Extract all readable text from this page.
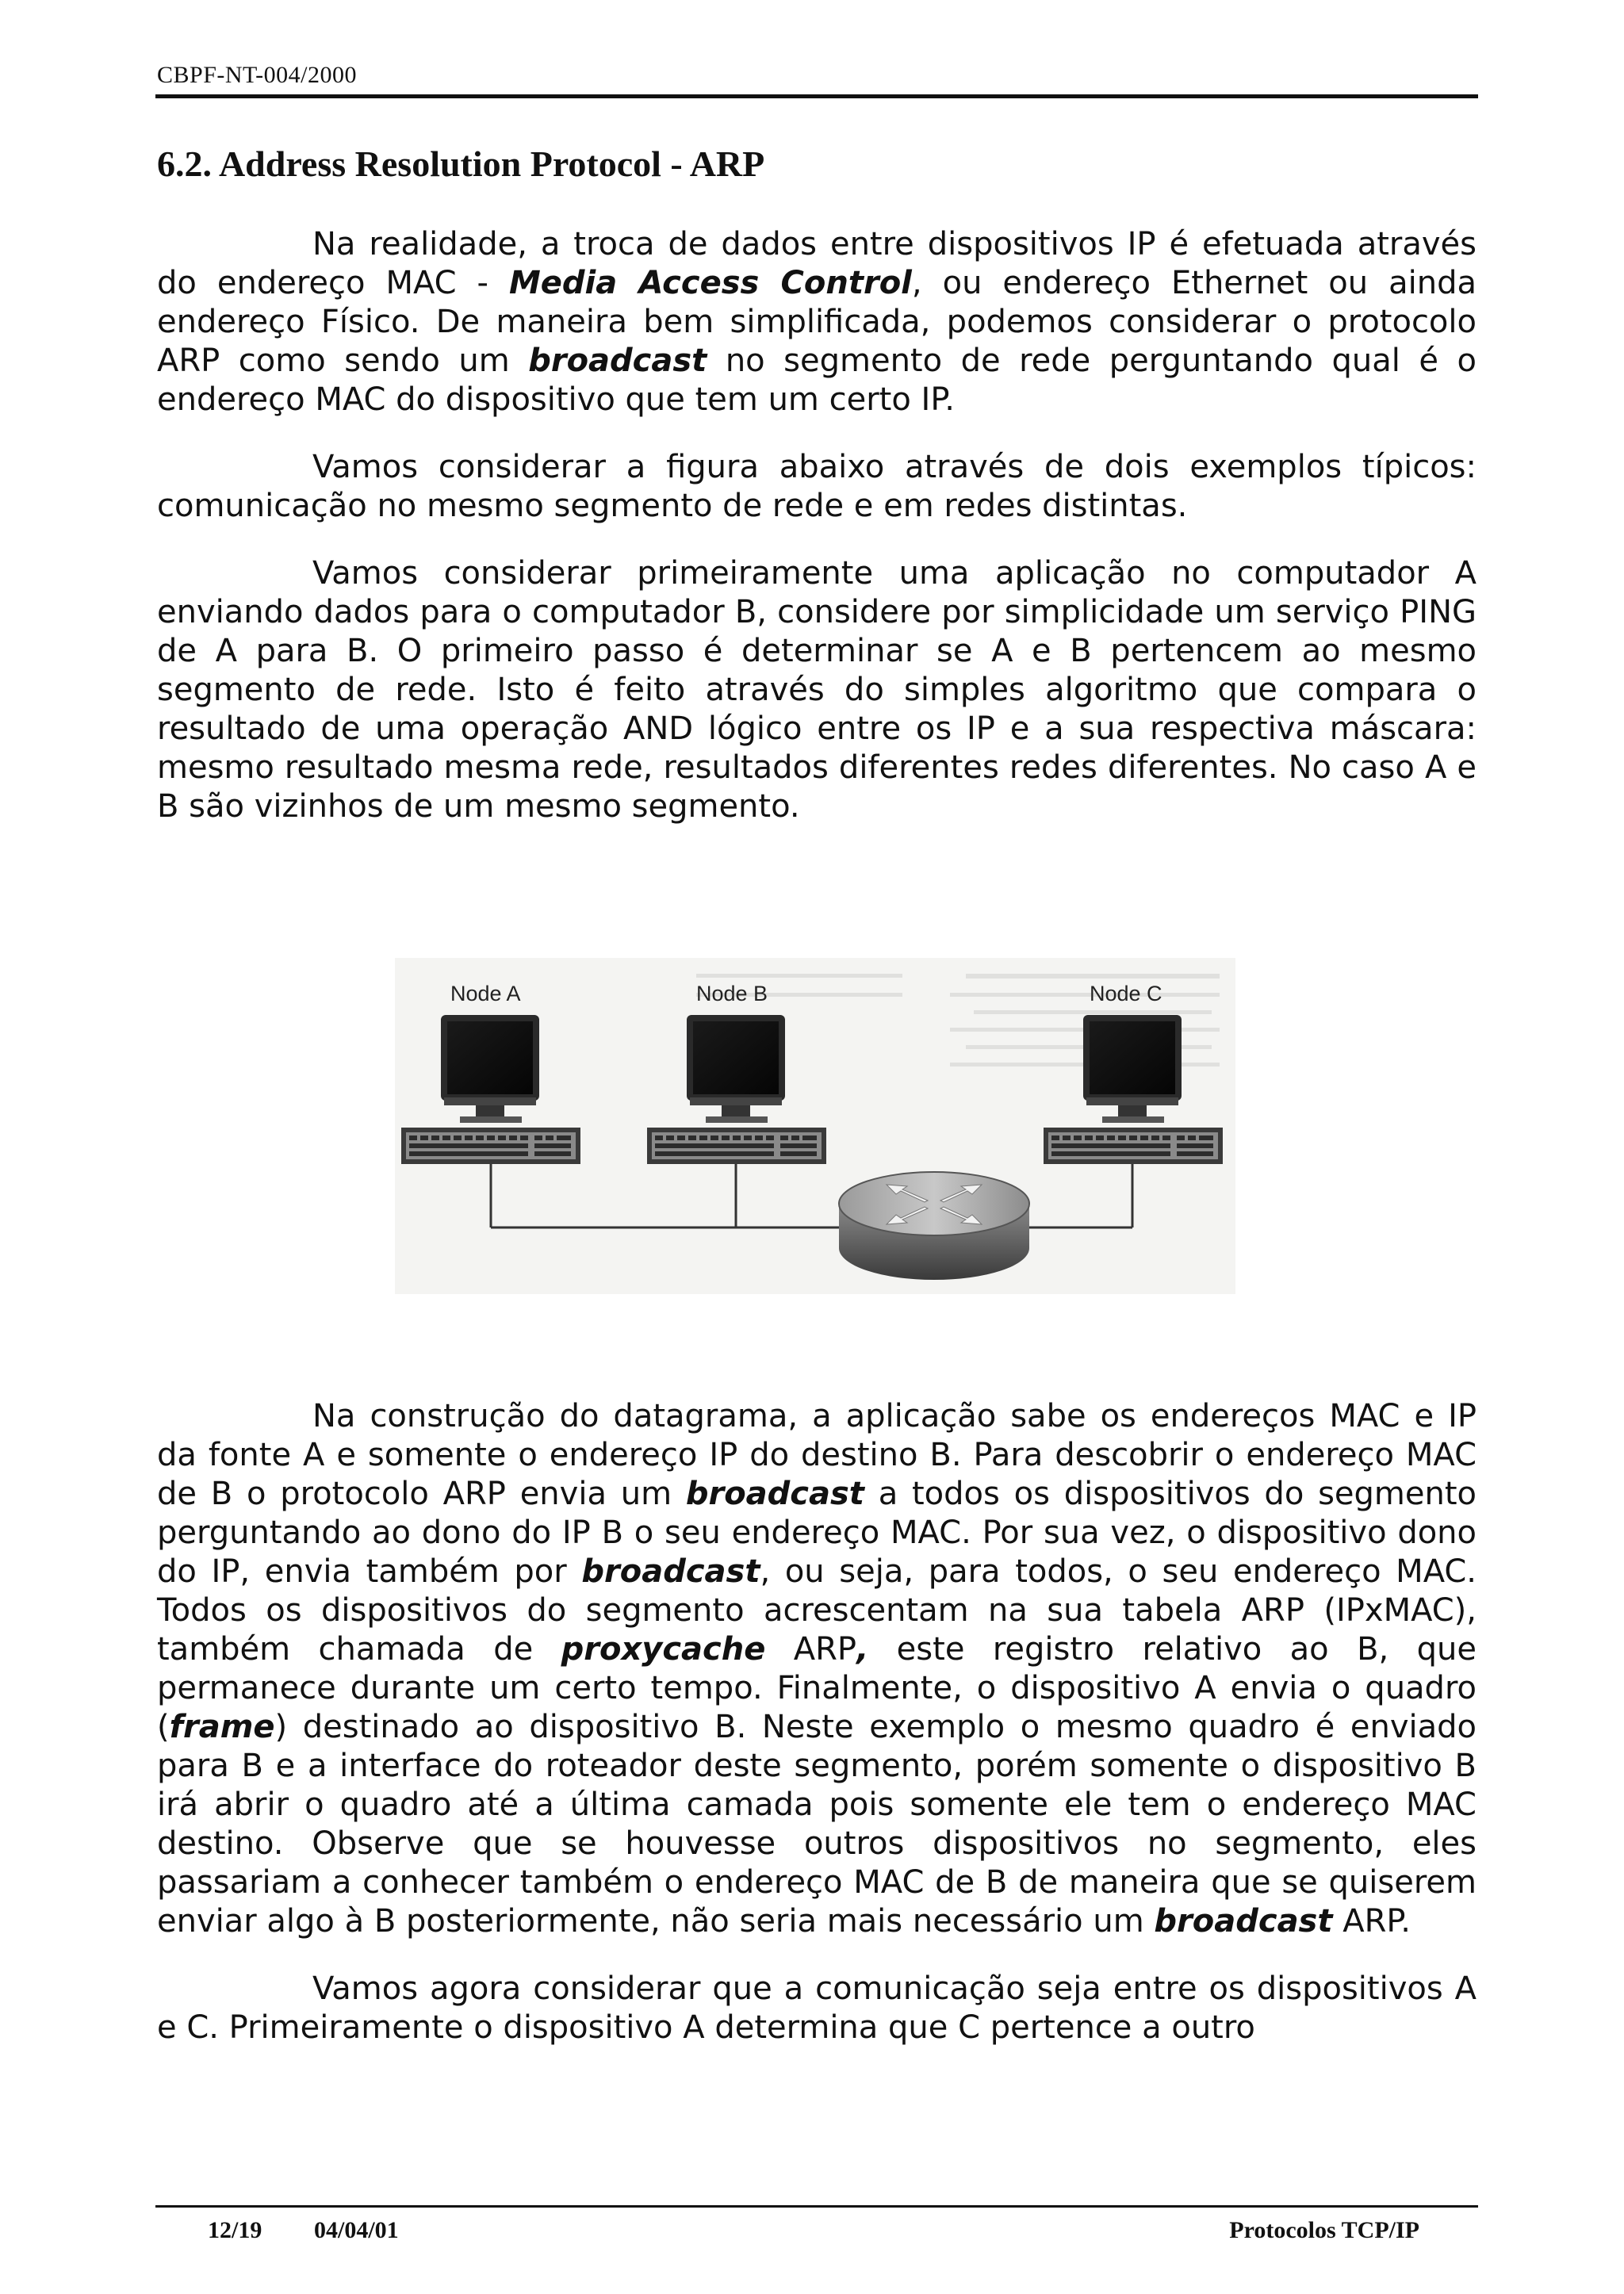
CBPF-NT-004/2000
6.2. Address Resolution Protocol - ARP

Na realidade, a troca de dados entre dispositivos IP é efetuada através do endereço MAC - Media Access Control, ou endereço Ethernet ou ainda endereço Físico. De maneira bem simplificada, podemos considerar o protocolo ARP como sendo um broadcast no segmento de rede perguntando qual é o endereço MAC do dispositivo que tem um certo IP.

Vamos considerar a figura abaixo através de dois exemplos típicos: comunicação no mesmo segmento de rede e em redes distintas.

Vamos considerar primeiramente uma aplicação no computador A enviando dados para o computador B, considere por simplicidade um serviço PING de A para B. O primeiro passo é determinar se A e B pertencem ao mesmo segmento de rede. Isto é feito através do simples algoritmo que compara o resultado de uma operação AND lógico entre os IP e a sua respectiva máscara: mesmo resultado mesma rede, resultados diferentes redes diferentes. No caso A e B são vizinhos de um mesmo segmento.

Node A	Node B	Node C

Na construção do datagrama, a aplicação sabe os endereços MAC e IP da fonte A e somente o endereço IP do destino B. Para descobrir o endereço MAC de B o protocolo ARP envia um broadcast a todos os dispositivos do segmento perguntando ao dono do IP B o seu endereço MAC. Por sua vez, o dispositivo dono do IP, envia também por broadcast, ou seja, para todos, o seu endereço MAC. Todos os dispositivos do segmento acrescentam na sua tabela ARP (IPxMAC), também chamada de proxycache ARP, este registro relativo ao B, que permanece durante um certo tempo. Finalmente, o dispositivo A envia o quadro (frame) destinado ao dispositivo B. Neste exemplo o mesmo quadro é enviado para B e a interface do roteador deste segmento, porém somente o dispositivo B irá abrir o quadro até a última camada pois somente ele tem o endereço MAC destino. Observe que se houvesse outros dispositivos no segmento, eles passariam a conhecer também o endereço MAC de B de maneira que se quiserem enviar algo à B posteriormente, não seria mais necessário um broadcast ARP.

Vamos agora considerar que a comunicação seja entre os dispositivos A e C. Primeiramente o dispositivo A determina que C pertence a outro

12/19 04/04/01	Protocolos TCP/IP
